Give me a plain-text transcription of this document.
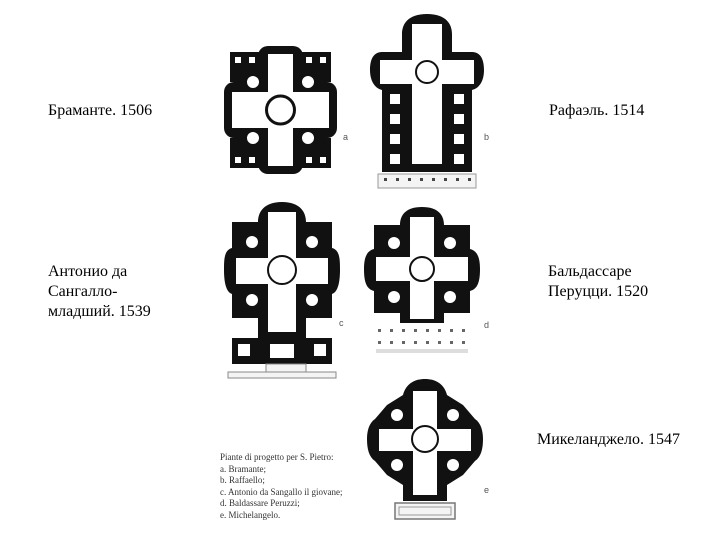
Браманте. 1506	Рафаэль. 1514
Антонио да
Сангалло-
младший. 1539
Бальдассаре
Перуцци. 1520
Микеланджело. 1547
a	b
c	d
e
Piante di progetto per S. Pietro:
a. Bramante;
b. Raffaello;
c. Antonio da Sangallo il giovane;
d. Baldassare Peruzzi;
e. Michelangelo.
